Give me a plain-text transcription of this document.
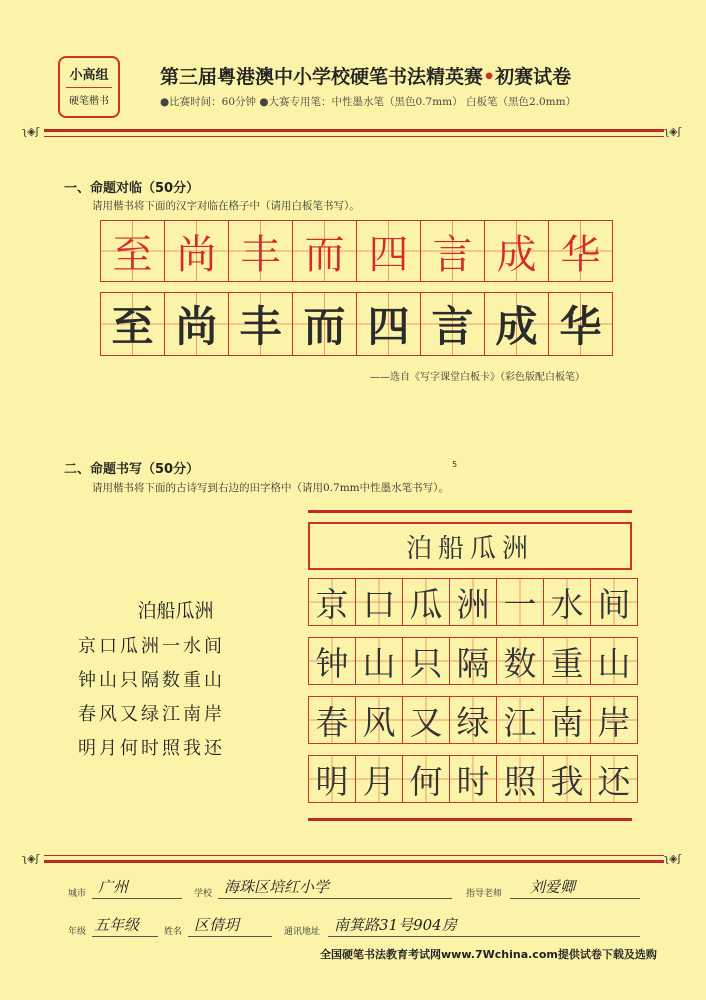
小高组
硬笔楷书
第三届粤港澳中小学校硬笔书法精英赛•初赛试卷
●比赛时间：60分钟 ●大赛专用笔：中性墨水笔（黑色0.7mm） 白板笔（黑色2.0mm）
ʅ◈ʃ	ʅ◈ʃ
一、命题对临（50分）
请用楷书将下面的汉字对临在格子中（请用白板笔书写）。
至 尚 丰 而 四 言 成 华
至 尚 丰 而 四 言 成 华
——选自《写字课堂白板卡》（彩色版配白板笔）
二、命题书写（50分）	5
请用楷书将下面的古诗写到右边的田字格中（请用0.7mm中性墨水笔书写）。
泊船瓜洲
京口瓜洲一水间
钟山只隔数重山
春风又绿江南岸
明月何时照我还
泊船瓜洲
京 口 瓜 洲 一 水 间
钟 山 只 隔 数 重 山
春 风 又 绿 江 南 岸
明 月 何 时 照 我 还
ʅ◈ʃ	ʅ◈ʃ
城市 广州	学校 海珠区培红小学	指导老师 刘爱卿
年级 五年级	姓名 区倩玥	通讯地址 南箕路31号904房
全国硬笔书法教育考试网www.7Wchina.com提供试卷下载及选购
